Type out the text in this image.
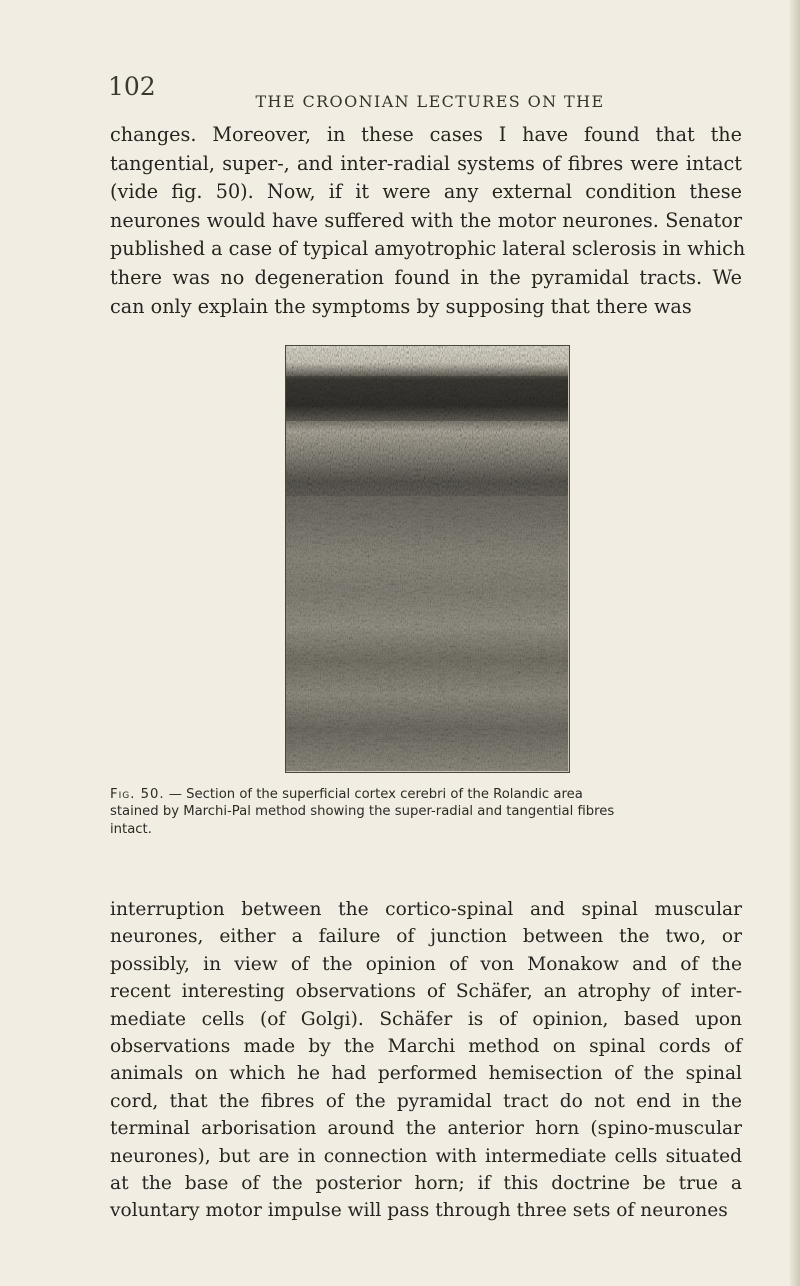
102
THE CROONIAN LECTURES ON THE
changes. Moreover, in these cases I have found that the
tangential, super-, and inter-radial systems of fibres were intact
(vide fig. 50). Now, if it were any external condition these
neurones would have suffered with the motor neurones. Senator
published a case of typical amyotrophic lateral sclerosis in which
there was no degeneration found in the pyramidal tracts. We
can only explain the symptoms by supposing that there was
Fig. 50. — Section of the superficial cortex cerebri of the Rolandic area
stained by Marchi-Pal method showing the super-radial and tangential fibres
intact.
interruption between the cortico-spinal and spinal muscular
neurones, either a failure of junction between the two, or
possibly, in view of the opinion of von Monakow and of the
recent interesting observations of Schäfer, an atrophy of inter-
mediate cells (of Golgi). Schäfer is of opinion, based upon
observations made by the Marchi method on spinal cords of
animals on which he had performed hemisection of the spinal
cord, that the fibres of the pyramidal tract do not end in the
terminal arborisation around the anterior horn (spino-muscular
neurones), but are in connection with intermediate cells situated
at the base of the posterior horn; if this doctrine be true a
voluntary motor impulse will pass through three sets of neurones
